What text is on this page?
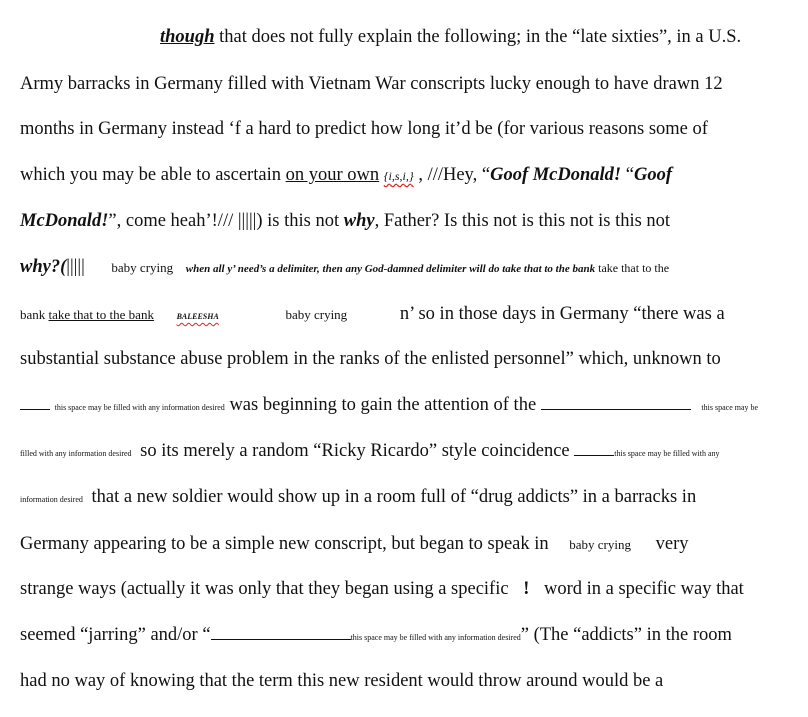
though that does not fully explain the following; in the “late sixties”, in a U.S.
Army barracks in Germany filled with Vietnam War conscripts lucky enough to have drawn 12
months in Germany instead ‘f a hard to predict how long it’d be (for various reasons some of
which you may be able to ascertain on your own {i,s,i,} , ///Hey, “Goof McDonald! “Goof
McDonald!”, come heah’!/// |||||) is this not why, Father? Is this not is this not is this not
why?(||||| baby crying when all y’ need’s a delimiter, then any God-damned delimiter will do take that to the bank take that to the
bank take that to the bank	BALEESHA	baby crying	n’ so in those days in Germany “there was a
substantial substance abuse problem in the ranks of the enlisted personnel” which, unknown to
this space may be filled with any information desired was beginning to gain the attention of the	this space may be
filled with any information desired so its merely a random “Ricky Ricardo” style coincidence	this space may be filled with any
information desired that a new soldier would show up in a room full of “drug addicts” in a barracks in
Germany appearing to be a simple new conscript, but began to speak in baby crying very
strange ways (actually it was only that they began using a specific ! word in a specific way that
seemed “jarring” and/or “	this space may be filled with any information desired” (The “addicts” in the room
had no way of knowing that the term this new resident would throw around would be a
